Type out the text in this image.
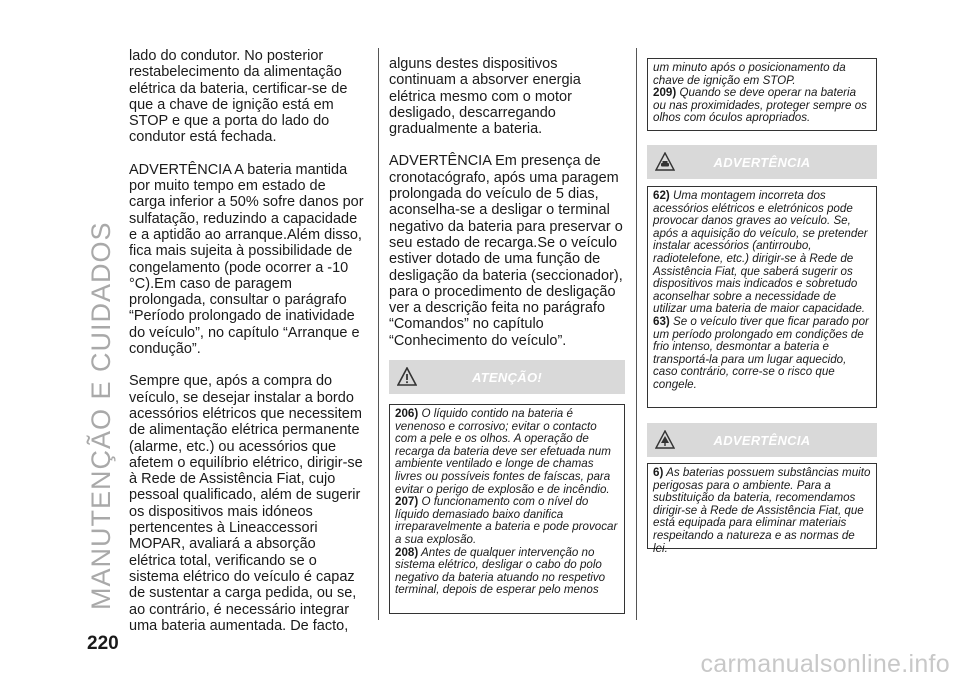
MANUTENÇÃO E CUIDADOS
220

lado do condutor. No posterior restabelecimento da alimentação elétrica da bateria, certificar-se de que a chave de ignição está em STOP e que a porta do lado do condutor está fechada.

ADVERTÊNCIA A bateria mantida por muito tempo em estado de carga inferior a 50% sofre danos por sulfatação, reduzindo a capacidade e a aptidão ao arranque.Além disso, fica mais sujeita à possibilidade de congelamento (pode ocorrer a -10 °C).Em caso de paragem prolongada, consultar o parágrafo “Período prolongado de inatividade do veículo”, no capítulo “Arranque e condução”.

Sempre que, após a compra do veículo, se desejar instalar a bordo acessórios elétricos que necessitem de alimentação elétrica permanente (alarme, etc.) ou acessórios que afetem o equilíbrio elétrico, dirigir-se à Rede de Assistência Fiat, cujo pessoal qualificado, além de sugerir os dispositivos mais idóneos pertencentes à Lineaccessori MOPAR, avaliará a absorção elétrica total, verificando se o sistema elétrico do veículo é capaz de sustentar a carga pedida, ou se, ao contrário, é necessário integrar uma bateria aumentada. De facto,

alguns destes dispositivos continuam a absorver energia elétrica mesmo com o motor desligado, descarregando gradualmente a bateria.

ADVERTÊNCIA Em presença de cronotacógrafo, após uma paragem prolongada do veículo de 5 dias, aconselha-se a desligar o terminal negativo da bateria para preservar o seu estado de recarga.Se o veículo estiver dotado de uma função de desligação da bateria (seccionador), para o procedimento de desligação ver a descrição feita no parágrafo “Comandos” no capítulo “Conhecimento do veículo”.

ATENÇÃO!

206) O líquido contido na bateria é venenoso e corrosivo; evitar o contacto com a pele e os olhos. A operação de recarga da bateria deve ser efetuada num ambiente ventilado e longe de chamas livres ou possíveis fontes de faíscas, para evitar o perigo de explosão e de incêndio.

207) O funcionamento com o nível do líquido demasiado baixo danifica irreparavelmente a bateria e pode provocar a sua explosão.

208) Antes de qualquer intervenção no sistema elétrico, desligar o cabo do polo negativo da bateria atuando no respetivo terminal, depois de esperar pelo menos

um minuto após o posicionamento da chave de ignição em STOP.

209) Quando se deve operar na bateria ou nas proximidades, proteger sempre os olhos com óculos apropriados.

ADVERTÊNCIA

62) Uma montagem incorreta dos acessórios elétricos e eletrónicos pode provocar danos graves ao veículo. Se, após a aquisição do veículo, se pretender instalar acessórios (antirroubo, radiotelefone, etc.) dirigir-se à Rede de Assistência Fiat, que saberá sugerir os dispositivos mais indicados e sobretudo aconselhar sobre a necessidade de utilizar uma bateria de maior capacidade.

63) Se o veículo tiver que ficar parado por um período prolongado em condições de frio intenso, desmontar a bateria e transportá-la para um lugar aquecido, caso contrário, corre-se o risco que congele.

ADVERTÊNCIA

6) As baterias possuem substâncias muito perigosas para o ambiente. Para a substituição da bateria, recomendamos dirigir-se à Rede de Assistência Fiat, que está equipada para eliminar materiais respeitando a natureza e as normas de lei.

carmanualsonline.info
